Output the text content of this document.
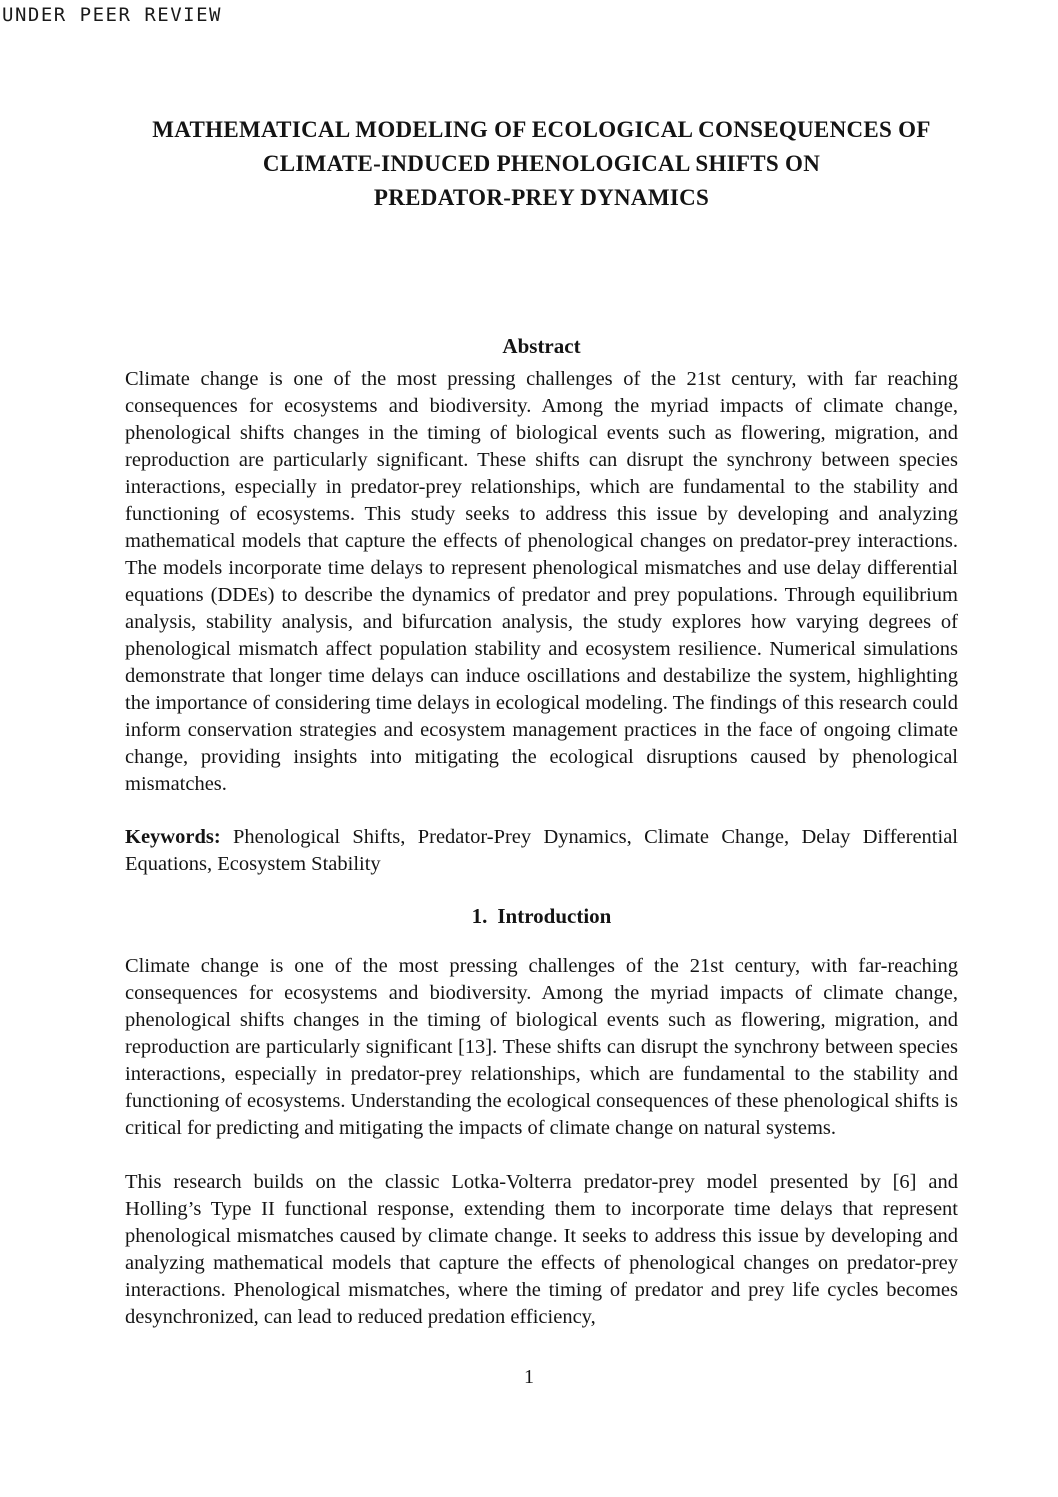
UNDER PEER REVIEW
MATHEMATICAL MODELING OF ECOLOGICAL CONSEQUENCES OF
CLIMATE-INDUCED PHENOLOGICAL SHIFTS ON
PREDATOR-PREY DYNAMICS
Abstract

Climate change is one of the most pressing challenges of the 21st century, with far reaching consequences for ecosystems and biodiversity. Among the myriad impacts of climate change, phenological shifts changes in the timing of biological events such as flowering, migration, and reproduction are particularly significant. These shifts can disrupt the synchrony between species interactions, especially in predator-prey relationships, which are fundamental to the stability and functioning of ecosystems. This study seeks to address this issue by developing and analyzing mathematical models that capture the effects of phenological changes on predator-prey interactions. The models incorporate time delays to represent phenological mismatches and use delay differential equations (DDEs) to describe the dynamics of predator and prey populations. Through equilibrium analysis, stability analysis, and bifurcation analysis, the study explores how varying degrees of phenological mismatch affect population stability and ecosystem resilience. Numerical simulations demonstrate that longer time delays can induce oscillations and destabilize the system, highlighting the importance of considering time delays in ecological modeling. The findings of this research could inform conservation strategies and ecosystem management practices in the face of ongoing climate change, providing insights into mitigating the ecological disruptions caused by phenological mismatches.

Keywords: Phenological Shifts, Predator-Prey Dynamics, Climate Change, Delay Differential Equations, Ecosystem Stability

1. Introduction

Climate change is one of the most pressing challenges of the 21st century, with far-reaching consequences for ecosystems and biodiversity. Among the myriad impacts of climate change, phenological shifts changes in the timing of biological events such as flowering, migration, and reproduction are particularly significant [13]. These shifts can disrupt the synchrony between species interactions, especially in predator-prey relationships, which are fundamental to the stability and functioning of ecosystems. Understanding the ecological consequences of these phenological shifts is critical for predicting and mitigating the impacts of climate change on natural systems.

This research builds on the classic Lotka-Volterra predator-prey model presented by [6] and Holling’s Type II functional response, extending them to incorporate time delays that represent phenological mismatches caused by climate change. It seeks to address this issue by developing and analyzing mathematical models that capture the effects of phenological changes on predator-prey interactions. Phenological mismatches, where the timing of predator and prey life cycles becomes desynchronized, can lead to reduced predation efficiency,

1
